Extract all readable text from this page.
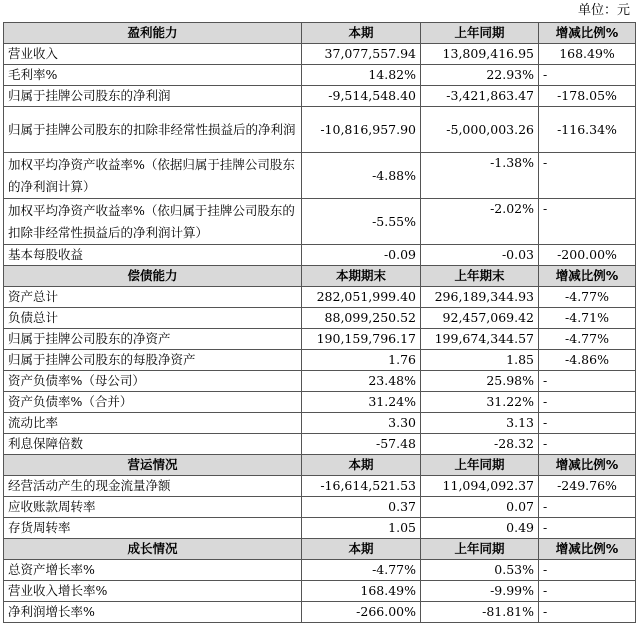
单位：元
盈利能力	本期	上年同期	增减比例%
营业收入	37,077,557.94	13,809,416.95	168.49%
毛利率%	14.82%	22.93%	-
归属于挂牌公司股东的净利润	-9,514,548.40	-3,421,863.47	-178.05%
归属于挂牌公司股东的扣除非经常性损益后的净利润	-10,816,957.90	-5,000,003.26	-116.34%
加权平均净资产收益率%（依据归属于挂牌公司股东的净利润计算）	-4.88%	-1.38%	-
加权平均净资产收益率%（依归属于挂牌公司股东的扣除非经常性损益后的净利润计算）	-5.55%	-2.02%	-
基本每股收益	-0.09	-0.03	-200.00%
偿债能力	本期期末	上年期末	增减比例%
资产总计	282,051,999.40	296,189,344.93	-4.77%
负债总计	88,099,250.52	92,457,069.42	-4.71%
归属于挂牌公司股东的净资产	190,159,796.17	199,674,344.57	-4.77%
归属于挂牌公司股东的每股净资产	1.76	1.85	-4.86%
资产负债率%（母公司）	23.48%	25.98%	-
资产负债率%（合并）	31.24%	31.22%	-
流动比率	3.30	3.13	-
利息保障倍数	-57.48	-28.32	-
营运情况	本期	上年同期	增减比例%
经营活动产生的现金流量净额	-16,614,521.53	11,094,092.37	-249.76%
应收账款周转率	0.37	0.07	-
存货周转率	1.05	0.49	-
成长情况	本期	上年同期	增减比例%
总资产增长率%	-4.77%	0.53%	-
营业收入增长率%	168.49%	-9.99%	-
净利润增长率%	-266.00%	-81.81%	-
